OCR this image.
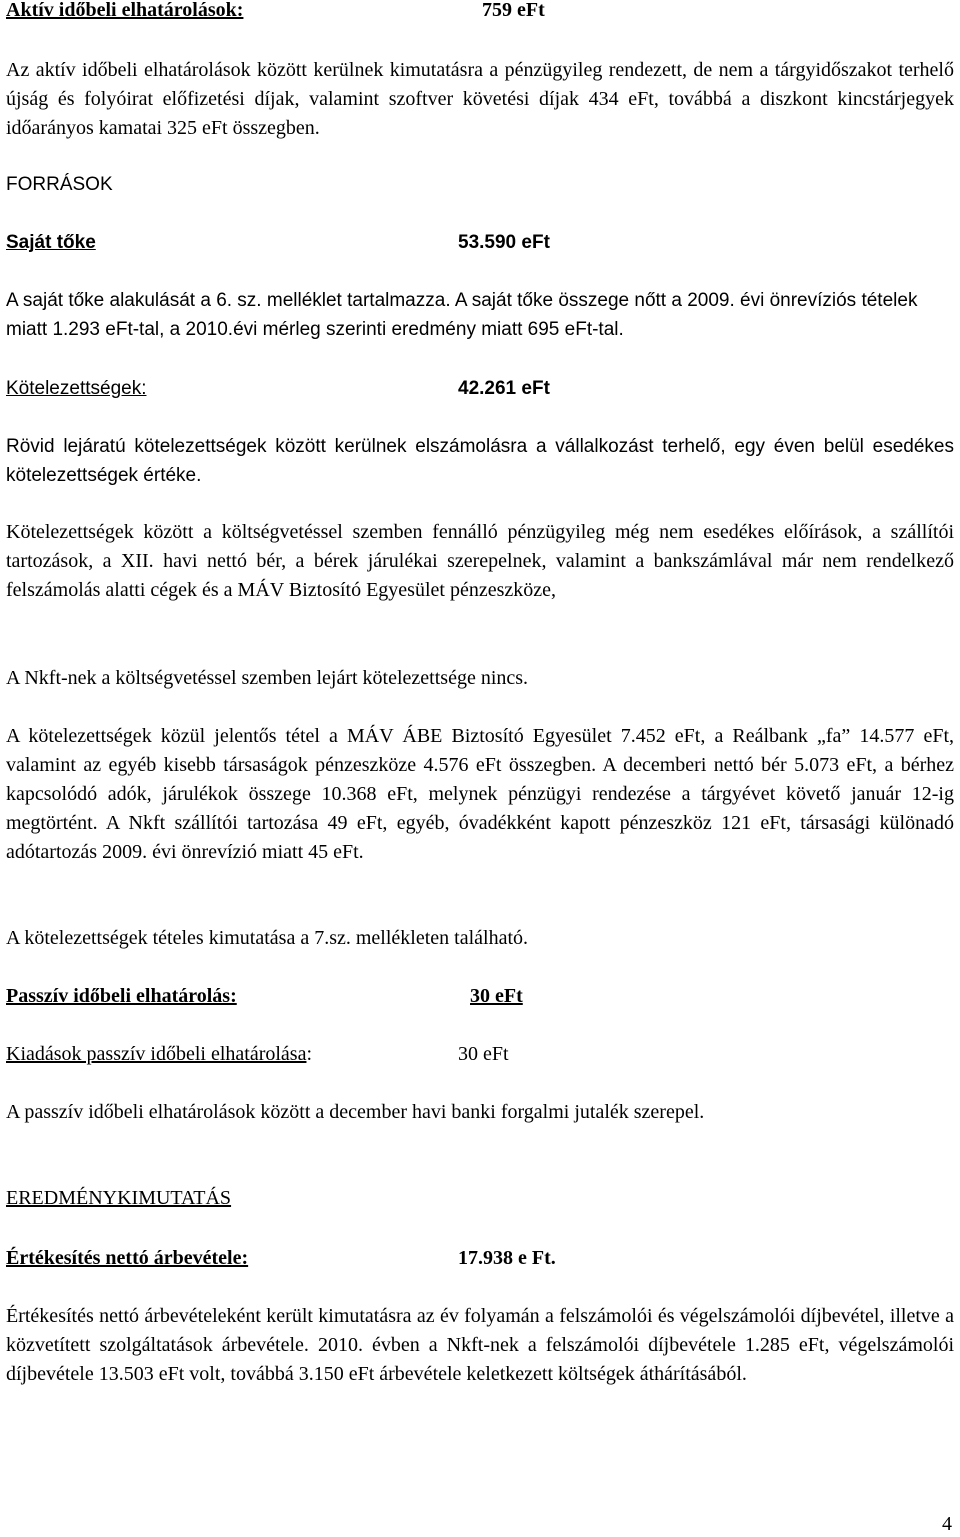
Aktív időbeli elhatárolások:	759 eFt

Az aktív időbeli elhatárolások között kerülnek kimutatásra a pénzügyileg rendezett, de nem a tárgyidőszakot terhelő újság és folyóirat előfizetési díjak, valamint szoftver követési díjak 434 eFt, továbbá a diszkont kincstárjegyek időarányos kamatai 325 eFt összegben.

FORRÁSOK

Saját tőke	53.590 eFt

A saját tőke alakulását a 6. sz. melléklet tartalmazza. A saját tőke összege nőtt a 2009. évi önrevíziós tételek miatt 1.293 eFt-tal, a 2010.évi mérleg szerinti eredmény miatt 695 eFt-tal.

Kötelezettségek:	42.261 eFt

Rövid lejáratú kötelezettségek között kerülnek elszámolásra a vállalkozást terhelő, egy éven belül esedékes kötelezettségek értéke.

Kötelezettségek között a költségvetéssel szemben fennálló pénzügyileg még nem esedékes előírások, a szállítói tartozások, a XII. havi nettó bér, a bérek járulékai szerepelnek, valamint a bankszámlával már nem rendelkező felszámolás alatti cégek és a MÁV Biztosító Egyesület pénzeszköze,

A Nkft-nek a költségvetéssel szemben lejárt kötelezettsége nincs.

A kötelezettségek közül jelentős tétel a MÁV ÁBE Biztosító Egyesület 7.452 eFt, a Reálbank „fa” 14.577 eFt, valamint az egyéb kisebb társaságok pénzeszköze 4.576 eFt összegben. A decemberi nettó bér 5.073 eFt, a bérhez kapcsolódó adók, járulékok összege 10.368 eFt, melynek pénzügyi rendezése a tárgyévet követő január 12-ig megtörtént. A Nkft szállítói tartozása 49 eFt, egyéb, óvadékként kapott pénzeszköz 121 eFt, társasági különadó adótartozás 2009. évi önrevízió miatt 45 eFt.

A kötelezettségek tételes kimutatása a 7.sz. mellékleten található.

Passzív időbeli elhatárolás:	30 eFt

Kiadások passzív időbeli elhatárolása:	30 eFt

A passzív időbeli elhatárolások között a december havi banki forgalmi jutalék szerepel.

EREDMÉNYKIMUTATÁS

Értékesítés nettó árbevétele:	17.938 e Ft.

Értékesítés nettó árbevételeként került kimutatásra az év folyamán a felszámolói és végelszámolói díjbevétel, illetve a közvetített szolgáltatások árbevétele. 2010. évben a Nkft-nek a felszámolói díjbevétele 1.285 eFt, végelszámolói díjbevétele 13.503 eFt volt, továbbá 3.150 eFt árbevétele keletkezett költségek áthárításából.

4
